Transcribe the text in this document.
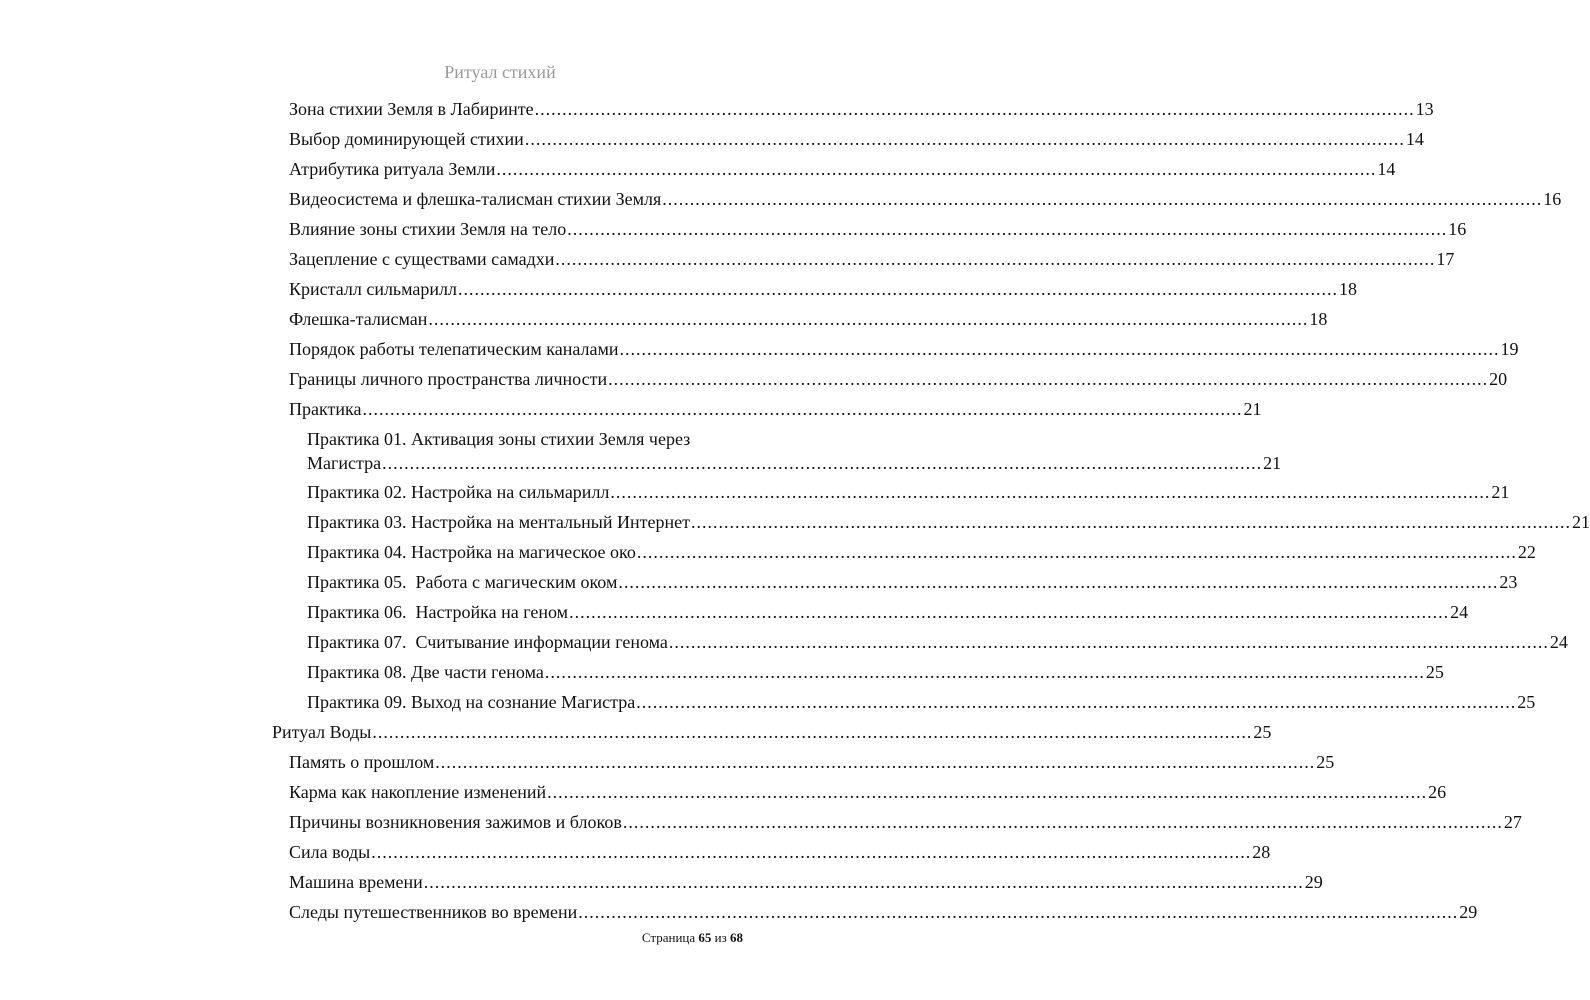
Ритуал стихий
Зона стихии Земля в Лабиринте ................................................................................................................................................................ 13
Выбор доминирующей стихии ................................................................................................................................................................ 14
Атрибутика ритуала Земли ................................................................................................................................................................ 14
Видеосистема и флешка-талисман стихии Земля ................................................................................................................................................................ 16
Влияние зоны стихии Земля на тело ................................................................................................................................................................ 16
Зацепление с существами самадхи ................................................................................................................................................................ 17
Кристалл сильмарилл ................................................................................................................................................................ 18
Флешка-талисман ................................................................................................................................................................ 18
Порядок работы телепатическим каналами ................................................................................................................................................................ 19
Границы личного пространства личности ................................................................................................................................................................ 20
Практика ................................................................................................................................................................ 21
Практика 01. Активация зоны стихии Земля через
Магистра ................................................................................................................................................................ 21
Практика 02. Настройка на сильмарилл ................................................................................................................................................................ 21
Практика 03. Настройка на ментальный Интернет ................................................................................................................................................................ 21
Практика 04. Настройка на магическое око ................................................................................................................................................................ 22
Практика 05.  Работа с магическим оком ................................................................................................................................................................ 23
Практика 06.  Настройка на геном ................................................................................................................................................................ 24
Практика 07.  Считывание информации генома ................................................................................................................................................................ 24
Практика 08. Две части генома ................................................................................................................................................................ 25
Практика 09. Выход на сознание Магистра ................................................................................................................................................................ 25
Ритуал Воды ................................................................................................................................................................ 25
Память о прошлом ................................................................................................................................................................ 25
Карма как накопление изменений ................................................................................................................................................................ 26
Причины возникновения зажимов и блоков ................................................................................................................................................................ 27
Сила воды ................................................................................................................................................................ 28
Машина времени ................................................................................................................................................................ 29
Следы путешественников во времени ................................................................................................................................................................ 29
Страница 65 из 68
